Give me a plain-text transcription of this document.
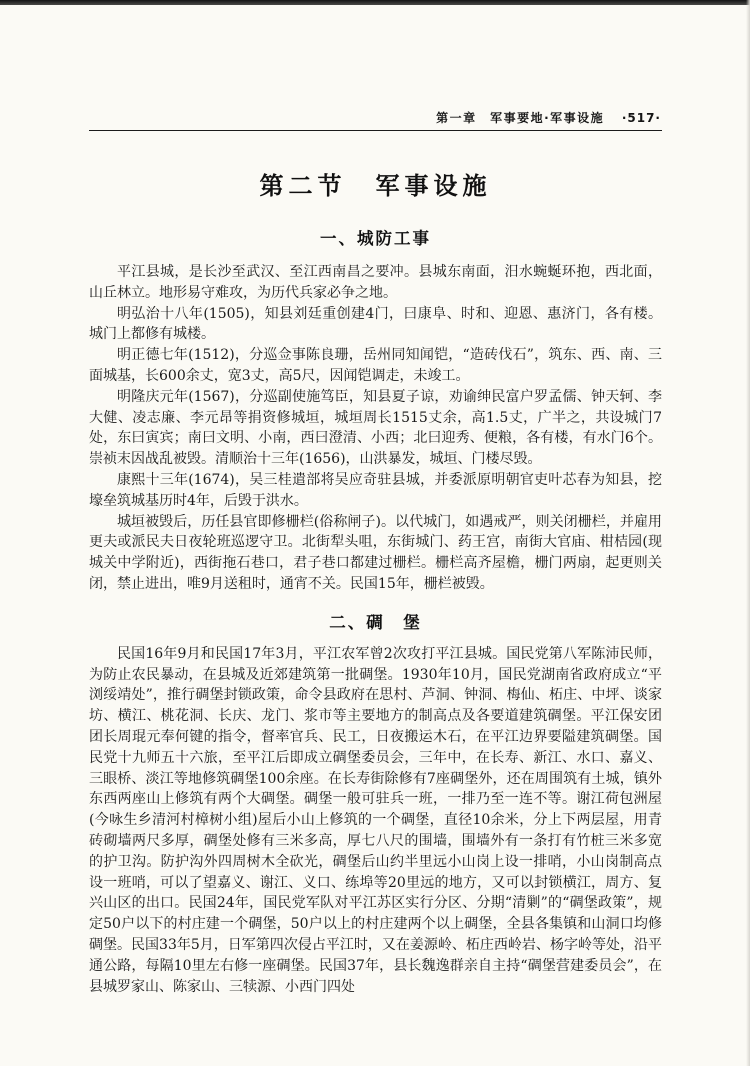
第一章　军事要地·军事设施 ·517·
第二节　军事设施
一、城防工事

平江县城，是长沙至武汉、至江西南昌之要冲。县城东南面，汨水蜿蜒环抱，西北面，山丘林立。地形易守难攻，为历代兵家必争之地。

明弘治十八年(1505)，知县刘廷重创建4门，曰康阜、时和、迎恩、惠济门，各有楼。城门上都修有城楼。

明正德七年(1512)，分巡佥事陈良珊，岳州同知闻铠，“造砖伐石”，筑东、西、南、三面城基，长600余丈，宽3丈，高5尺，因闻铠调走，未竣工。

明隆庆元年(1567)，分巡副使施笃臣，知县夏子谅，劝谕绅民富户罗孟儒、钟天轲、李大健、凌志廉、李元昂等捐资修城垣，城垣周长1515丈余，高1.5丈，广半之，共设城门7处，东曰寅宾；南曰文明、小南，西曰澄清、小西；北曰迎秀、便粮，各有楼，有水门6个。崇祯末因战乱被毁。清顺治十三年(1656)，山洪暴发，城垣、门楼尽毁。

康熙十三年(1674)，吴三桂遣部将吴应奇驻县城，并委派原明朝官吏叶芯春为知县，挖壕垒筑城基历时4年，后毁于洪水。

城垣被毁后，历任县官即修栅栏(俗称闸子)。以代城门，如遇戒严，则关闭栅栏，并雇用更夫或派民夫日夜轮班巡逻守卫。北街犁头咀，东街城门、药王宫，南街大官庙、柑桔园(现城关中学附近)，西街拖石巷口，君子巷口都建过栅栏。栅栏高齐屋檐，栅门两扇，起更则关闭，禁止进出，唯9月送租时，通宵不关。民国15年，栅栏被毁。

二、碉　堡

民国16年9月和民国17年3月，平江农军曾2次攻打平江县城。国民党第八军陈沛民师，为防止农民暴动，在县城及近郊建筑第一批碉堡。1930年10月，国民党湖南省政府成立“平浏绥靖处”，推行碉堡封锁政策，命令县政府在思村、芦洞、钟洞、梅仙、柘庄、中坪、谈家坊、横江、桃花洞、长庆、龙门、浆市等主要地方的制高点及各要道建筑碉堡。平江保安团团长周琨元奉何键的指令，督率官兵、民工，日夜搬运木石，在平江边界要隘建筑碉堡。国民党十九师五十六旅，至平江后即成立碉堡委员会，三年中，在长寿、新江、水口、嘉义、三眼桥、淡江等地修筑碉堡100余座。在长寿街除修有7座碉堡外，还在周围筑有土城，镇外东西两座山上修筑有两个大碉堡。碉堡一般可驻兵一班，一排乃至一连不等。谢江荷包洲屋(今咏生乡清河村樟树小组)屋后小山上修筑的一个碉堡，直径10余米，分上下两层屋，用青砖砌墙两尺多厚，碉堡处修有三米多高，厚七八尺的围墙，围墙外有一条打有竹桩三米多宽的护卫沟。防护沟外四周树木全砍光，碉堡后山约半里远小山岗上设一排哨，小山岗制高点设一班哨，可以了望嘉义、谢江、义口、练埠等20里远的地方，又可以封锁横江，周方、复兴山区的出口。民国24年，国民党军队对平江苏区实行分区、分期“清剿”的“碉堡政策”，规定50户以下的村庄建一个碉堡，50户以上的村庄建两个以上碉堡，全县各集镇和山洞口均修碉堡。民国33年5月，日军第四次侵占平江时，又在姜源岭、柘庄西岭岩、杨字岭等处，沿平通公路，每隔10里左右修一座碉堡。民国37年，县长魏逸群亲自主持“碉堡营建委员会”，在县城罗家山、陈家山、三犊源、小西门四处
